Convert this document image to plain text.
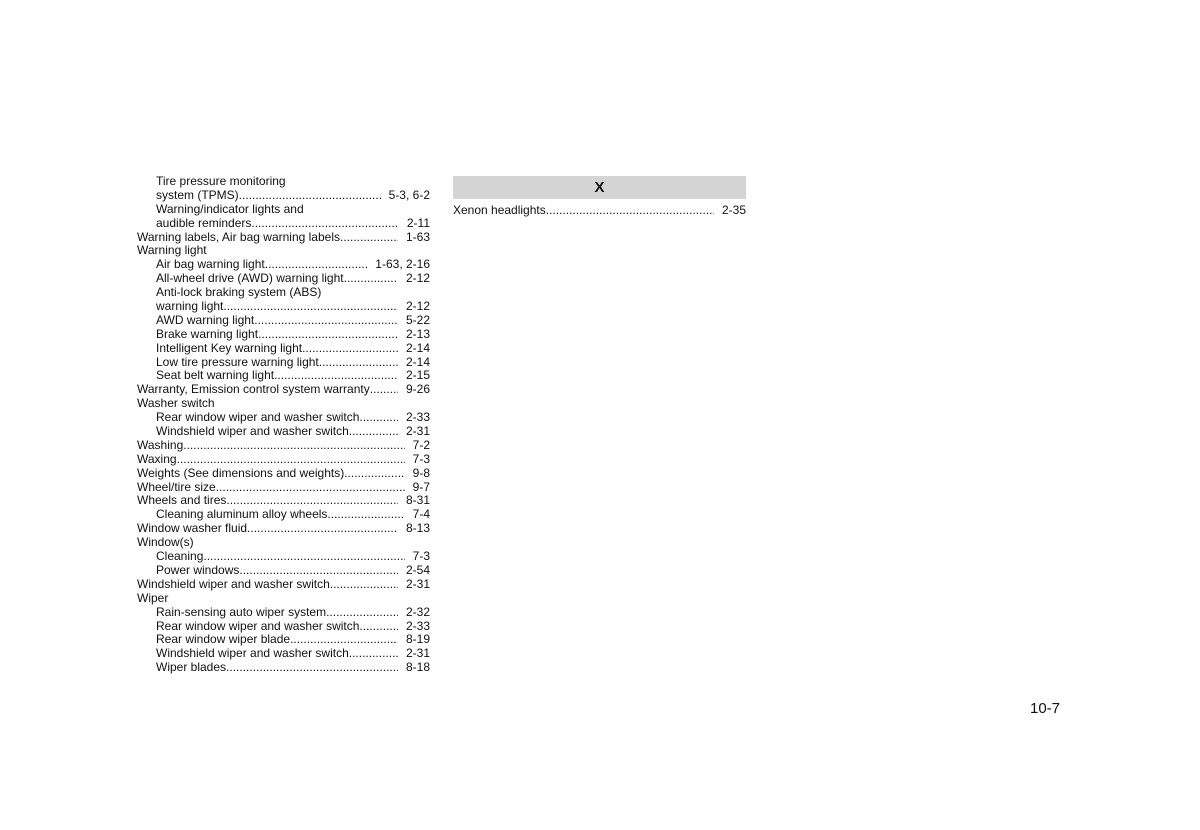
Tire pressure monitoring
system (TPMS) .....	5-3, 6-2
Warning/indicator lights and
audible reminders .....	2-11
Warning labels, Air bag warning labels .....	1-63
Warning light
Air bag warning light .....	1-63, 2-16
All-wheel drive (AWD) warning light .....	2-12
Anti-lock braking system (ABS)
warning light .....	2-12
AWD warning light .....	5-22
Brake warning light .....	2-13
Intelligent Key warning light .....	2-14
Low tire pressure warning light .....	2-14
Seat belt warning light .....	2-15
Warranty, Emission control system warranty .....	9-26
Washer switch
Rear window wiper and washer switch .....	2-33
Windshield wiper and washer switch .....	2-31
Washing .....	7-2
Waxing .....	7-3
Weights (See dimensions and weights) .....	9-8
Wheel/tire size .....	9-7
Wheels and tires .....	8-31
Cleaning aluminum alloy wheels .....	7-4
Window washer fluid .....	8-13
Window(s)
Cleaning .....	7-3
Power windows .....	2-54
Windshield wiper and washer switch .....	2-31
Wiper
Rain-sensing auto wiper system .....	2-32
Rear window wiper and washer switch .....	2-33
Rear window wiper blade .....	8-19
Windshield wiper and washer switch .....	2-31
Wiper blades .....	8-18
X
Xenon headlights .....	2-35
10-7
